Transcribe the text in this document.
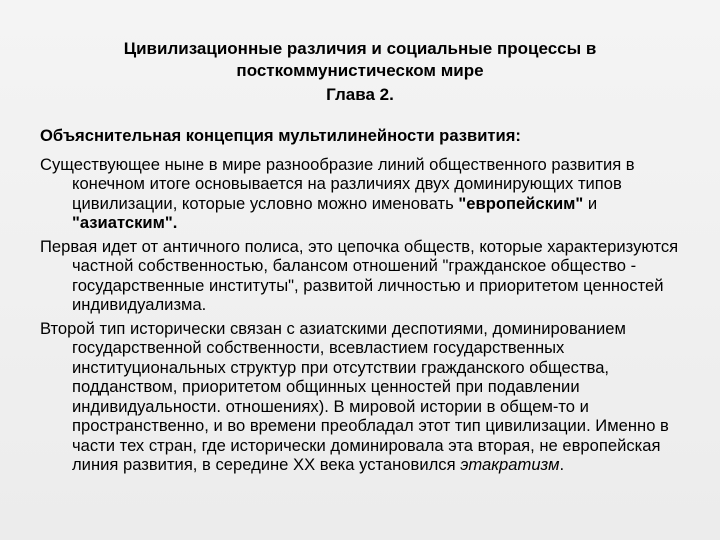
Цивилизационные различия и социальные процессы в посткоммунистическом мире
Глава 2.
Объяснительная концепция мультилинейности развития:
Существующее ныне в мире разнообразие линий общественного развития в конечном итоге основывается на различиях двух доминирующих типов цивилизации, которые условно можно именовать "европейским" и "азиатским".
Первая идет от античного полиса, это цепочка обществ, которые характеризуются частной собственностью, балансом отношений "гражданское общество - государственные институты", развитой личностью и приоритетом ценностей индивидуализма.
Второй тип исторически связан с азиатскими деспотиями, доминированием государственной собственности, всевластием государственных институциональных структур при отсутствии гражданского общества, подданством, приоритетом общинных ценностей при подавлении индивидуальности. отношениях). В мировой истории в общем-то и пространственно, и во времени преобладал этот тип цивилизации. Именно в части тех стран, где исторически доминировала эта вторая, не европейская линия развития, в середине XX века установился этакратизм.
